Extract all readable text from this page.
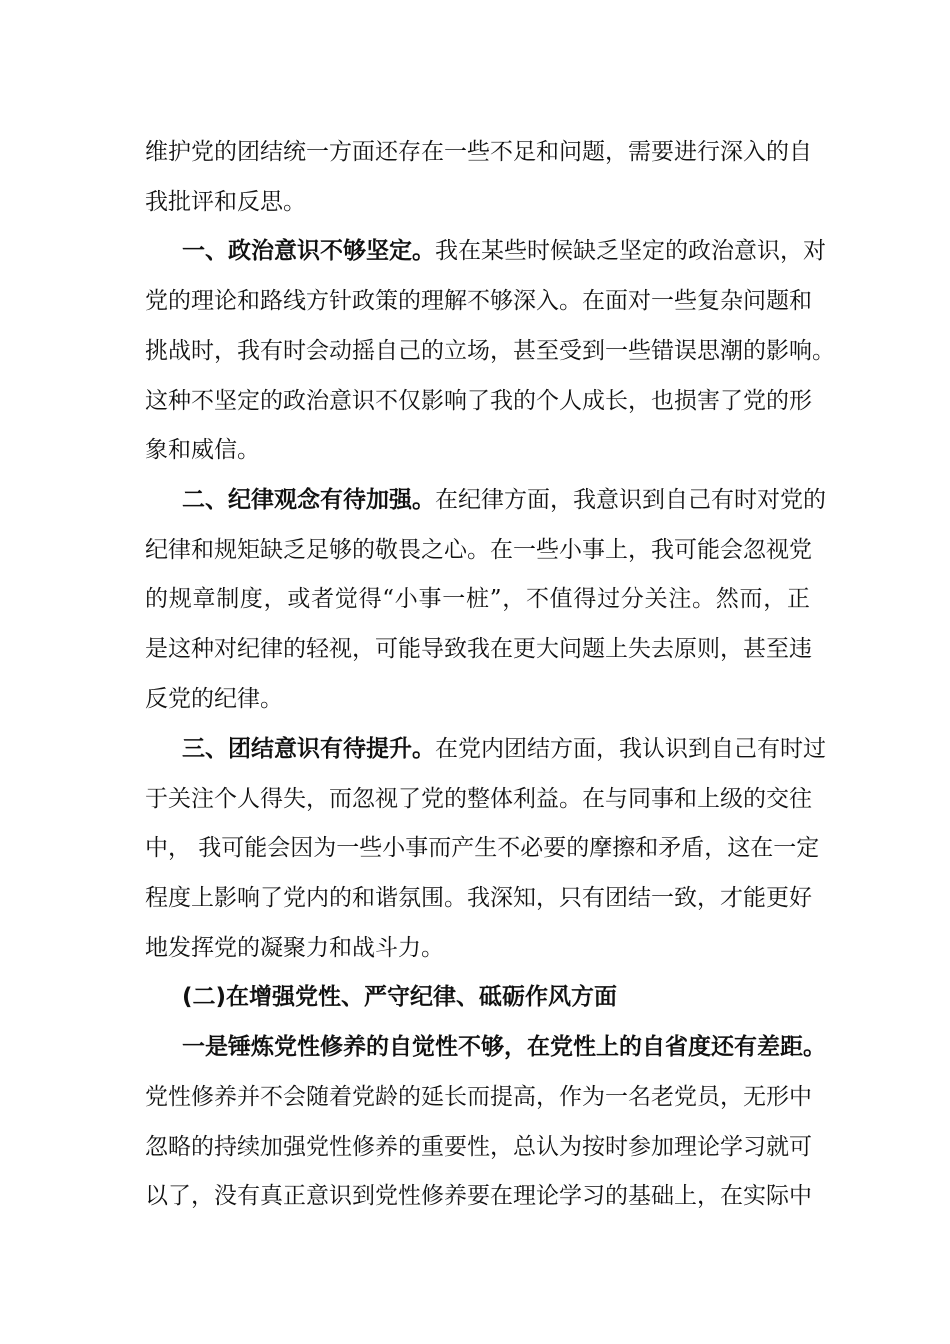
维护党的团结统一方面还存在一些不足和问题，需要进行深入的自
我批评和反思。
一、政治意识不够坚定。我在某些时候缺乏坚定的政治意识，对
党的理论和路线方针政策的理解不够深入。在面对一些复杂问题和
挑战时，我有时会动摇自己的立场，甚至受到一些错误思潮的影响。
这种不坚定的政治意识不仅影响了我的个人成长，也损害了党的形
象和威信。
二、纪律观念有待加强。在纪律方面，我意识到自己有时对党的
纪律和规矩缺乏足够的敬畏之心。在一些小事上，我可能会忽视党
的规章制度，或者觉得“小事一桩”，不值得过分关注。然而，正
是这种对纪律的轻视，可能导致我在更大问题上失去原则，甚至违
反党的纪律。
三、团结意识有待提升。在党内团结方面，我认识到自己有时过
于关注个人得失，而忽视了党的整体利益。在与同事和上级的交往
中， 我可能会因为一些小事而产生不必要的摩擦和矛盾，这在一定
程度上影响了党内的和谐氛围。我深知，只有团结一致，才能更好
地发挥党的凝聚力和战斗力。
(二)在增强党性、严守纪律、砥砺作风方面
一是锤炼党性修养的自觉性不够，在党性上的自省度还有差距。
党性修养并不会随着党龄的延长而提高，作为一名老党员，无形中
忽略的持续加强党性修养的重要性，总认为按时参加理论学习就可
以了，没有真正意识到党性修养要在理论学习的基础上，在实际中
